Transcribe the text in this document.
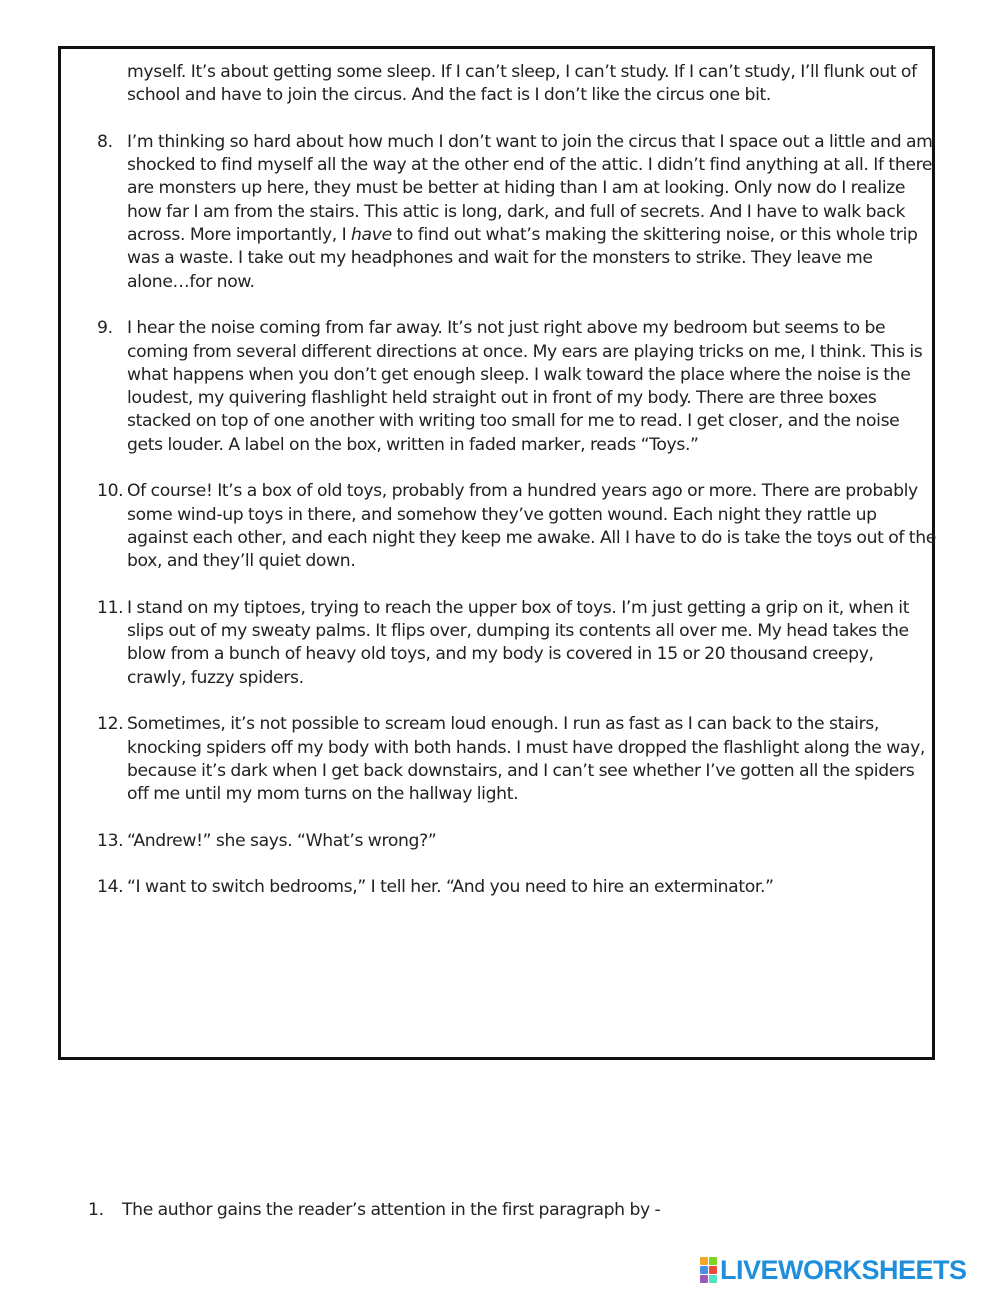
myself. It’s about getting some sleep. If I can’t sleep, I can’t study. If I can’t study, I’ll flunk out of school and have to join the circus. And the fact is I don’t like the circus one bit.
8. I’m thinking so hard about how much I don’t want to join the circus that I space out a little and am shocked to find myself all the way at the other end of the attic. I didn’t find anything at all. If there are monsters up here, they must be better at hiding than I am at looking. Only now do I realize how far I am from the stairs. This attic is long, dark, and full of secrets. And I have to walk back across. More importantly, I have to find out what’s making the skittering noise, or this whole trip was a waste. I take out my headphones and wait for the monsters to strike. They leave me alone…for now.
9. I hear the noise coming from far away. It’s not just right above my bedroom but seems to be coming from several different directions at once. My ears are playing tricks on me, I think. This is what happens when you don’t get enough sleep. I walk toward the place where the noise is the loudest, my quivering flashlight held straight out in front of my body. There are three boxes stacked on top of one another with writing too small for me to read. I get closer, and the noise gets louder. A label on the box, written in faded marker, reads “Toys.”
10. Of course! It’s a box of old toys, probably from a hundred years ago or more. There are probably some wind-up toys in there, and somehow they’ve gotten wound. Each night they rattle up against each other, and each night they keep me awake. All I have to do is take the toys out of the box, and they’ll quiet down.
11. I stand on my tiptoes, trying to reach the upper box of toys. I’m just getting a grip on it, when it slips out of my sweaty palms. It flips over, dumping its contents all over me. My head takes the blow from a bunch of heavy old toys, and my body is covered in 15 or 20 thousand creepy, crawly, fuzzy spiders.
12. Sometimes, it’s not possible to scream loud enough. I run as fast as I can back to the stairs, knocking spiders off my body with both hands. I must have dropped the flashlight along the way, because it’s dark when I get back downstairs, and I can’t see whether I’ve gotten all the spiders off me until my mom turns on the hallway light.
13. “Andrew!” she says. “What’s wrong?”
14. “I want to switch bedrooms,” I tell her. “And you need to hire an exterminator.”
1.	The author gains the reader’s attention in the first paragraph by -
LIVEWORKSHEETS
